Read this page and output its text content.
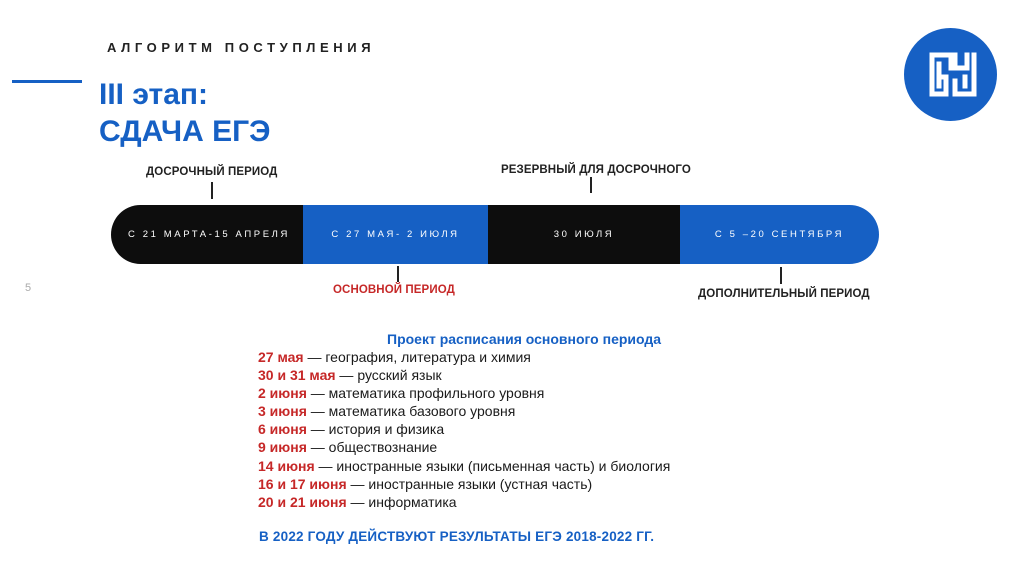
АЛГОРИТМ ПОСТУПЛЕНИЯ
III этап:
СДАЧА ЕГЭ
5
ДОСРОЧНЫЙ ПЕРИОД	РЕЗЕРВНЫЙ ДЛЯ ДОСРОЧНОГО
С 21 МАРТА-15 АПРЕЛЯ	С 27 МАЯ- 2 ИЮЛЯ	30 ИЮЛЯ	С 5 –20 СЕНТЯБРЯ
ОСНОВНОЙ ПЕРИОД	ДОПОЛНИТЕЛЬНЫЙ ПЕРИОД
Проект расписания основного периода
27 мая — география, литература и химия
30 и 31 мая — русский язык
2 июня — математика профильного уровня
3 июня — математика базового уровня
6 июня — история и физика
9 июня — обществознание
14 июня — иностранные языки (письменная часть) и биология
16 и 17 июня — иностранные языки (устная часть)
20 и 21 июня — информатика
В 2022 ГОДУ ДЕЙСТВУЮТ РЕЗУЛЬТАТЫ ЕГЭ 2018-2022 ГГ.
